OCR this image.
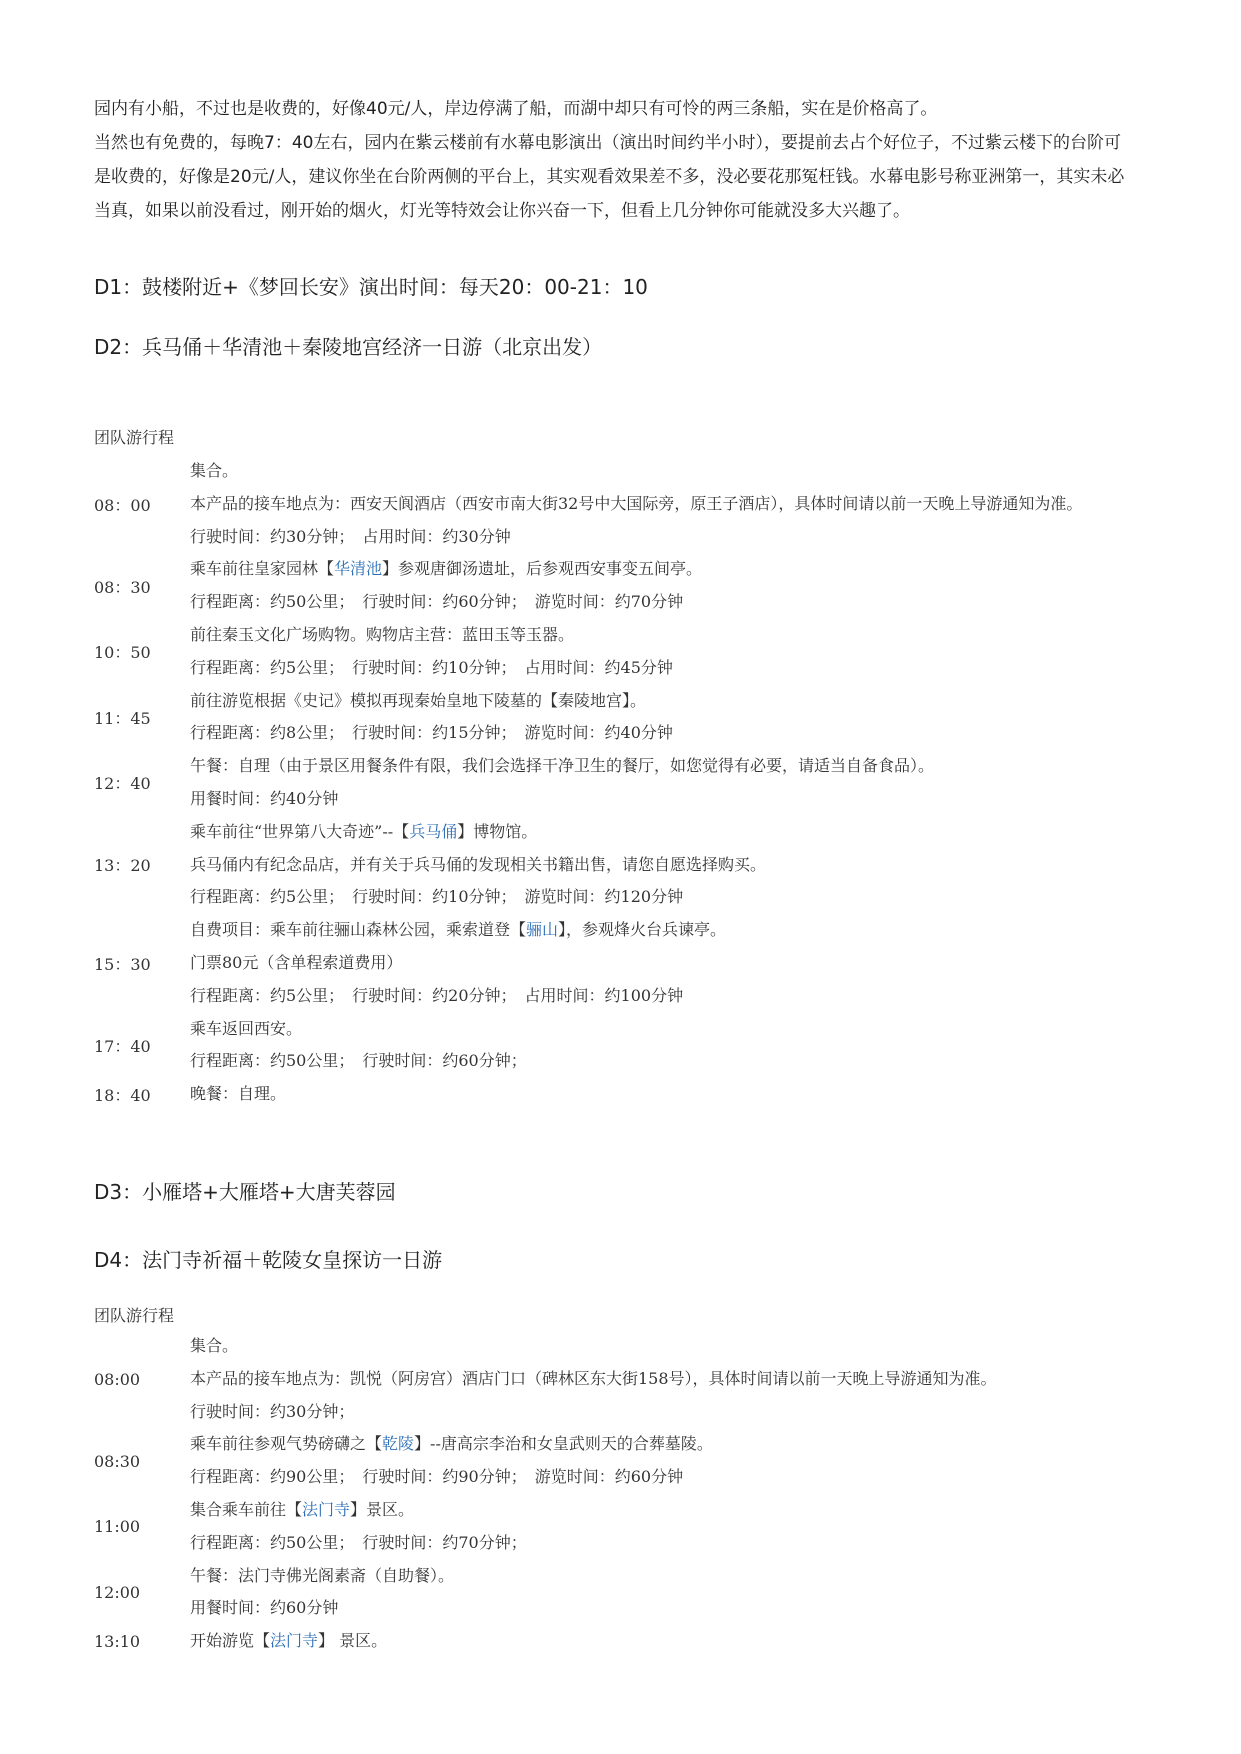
园内有小船，不过也是收费的，好像40元/人，岸边停满了船，而湖中却只有可怜的两三条船，实在是价格高了。

当然也有免费的，每晚7：40左右，园内在紫云楼前有水幕电影演出（演出时间约半小时），要提前去占个好位子，不过紫云楼下的台阶可是收费的，好像是20元/人，建议你坐在台阶两侧的平台上，其实观看效果差不多，没必要花那冤枉钱。水幕电影号称亚洲第一，其实未必当真，如果以前没看过，刚开始的烟火，灯光等特效会让你兴奋一下，但看上几分钟你可能就没多大兴趣了。

D1：鼓楼附近+《梦回长安》演出时间：每天20：00-21：10
D2：兵马俑＋华清池＋秦陵地宫经济一日游（北京出发）
团队游行程
08：00
集合。
本产品的接车地点为：西安天阆酒店（西安市南大街32号中大国际旁，原王子酒店），具体时间请以前一天晚上导游通知为准。
行驶时间：约30分钟；　占用时间：约30分钟
08：30
乘车前往皇家园林【华清池】参观唐御汤遗址，后参观西安事变五间亭。
行程距离：约50公里；　行驶时间：约60分钟；　游览时间：约70分钟
10：50
前往秦玉文化广场购物。购物店主营：蓝田玉等玉器。
行程距离：约5公里；　行驶时间：约10分钟；　占用时间：约45分钟
11：45
前往游览根据《史记》模拟再现秦始皇地下陵墓的【秦陵地宫】。
行程距离：约8公里；　行驶时间：约15分钟；　游览时间：约40分钟
12：40
午餐：自理（由于景区用餐条件有限，我们会选择干净卫生的餐厅，如您觉得有必要，请适当自备食品）。
用餐时间：约40分钟
13：20
乘车前往“世界第八大奇迹”--【兵马俑】博物馆。
兵马俑内有纪念品店，并有关于兵马俑的发现相关书籍出售，请您自愿选择购买。
行程距离：约5公里；　行驶时间：约10分钟；　游览时间：约120分钟
15：30
自费项目：乘车前往骊山森林公园，乘索道登【骊山】，参观烽火台兵谏亭。
门票80元（含单程索道费用）
行程距离：约5公里；　行驶时间：约20分钟；　占用时间：约100分钟
17：40
乘车返回西安。
行程距离：约50公里；　行驶时间：约60分钟；
18：40	晚餐：自理。
D3：小雁塔+大雁塔+大唐芙蓉园
D4：法门寺祈福＋乾陵女皇探访一日游
团队游行程
08:00
集合。
本产品的接车地点为：凯悦（阿房宫）酒店门口（碑林区东大街158号），具体时间请以前一天晚上导游通知为准。
行驶时间：约30分钟；
08:30
乘车前往参观气势磅礴之【乾陵】--唐高宗李治和女皇武则天的合葬墓陵。
行程距离：约90公里；　行驶时间：约90分钟；　游览时间：约60分钟
11:00
集合乘车前往【法门寺】景区。
行程距离：约50公里；　行驶时间：约70分钟；
12:00
午餐：法门寺佛光阁素斋（自助餐）。
用餐时间：约60分钟
13:10	开始游览【法门寺】 景区。
